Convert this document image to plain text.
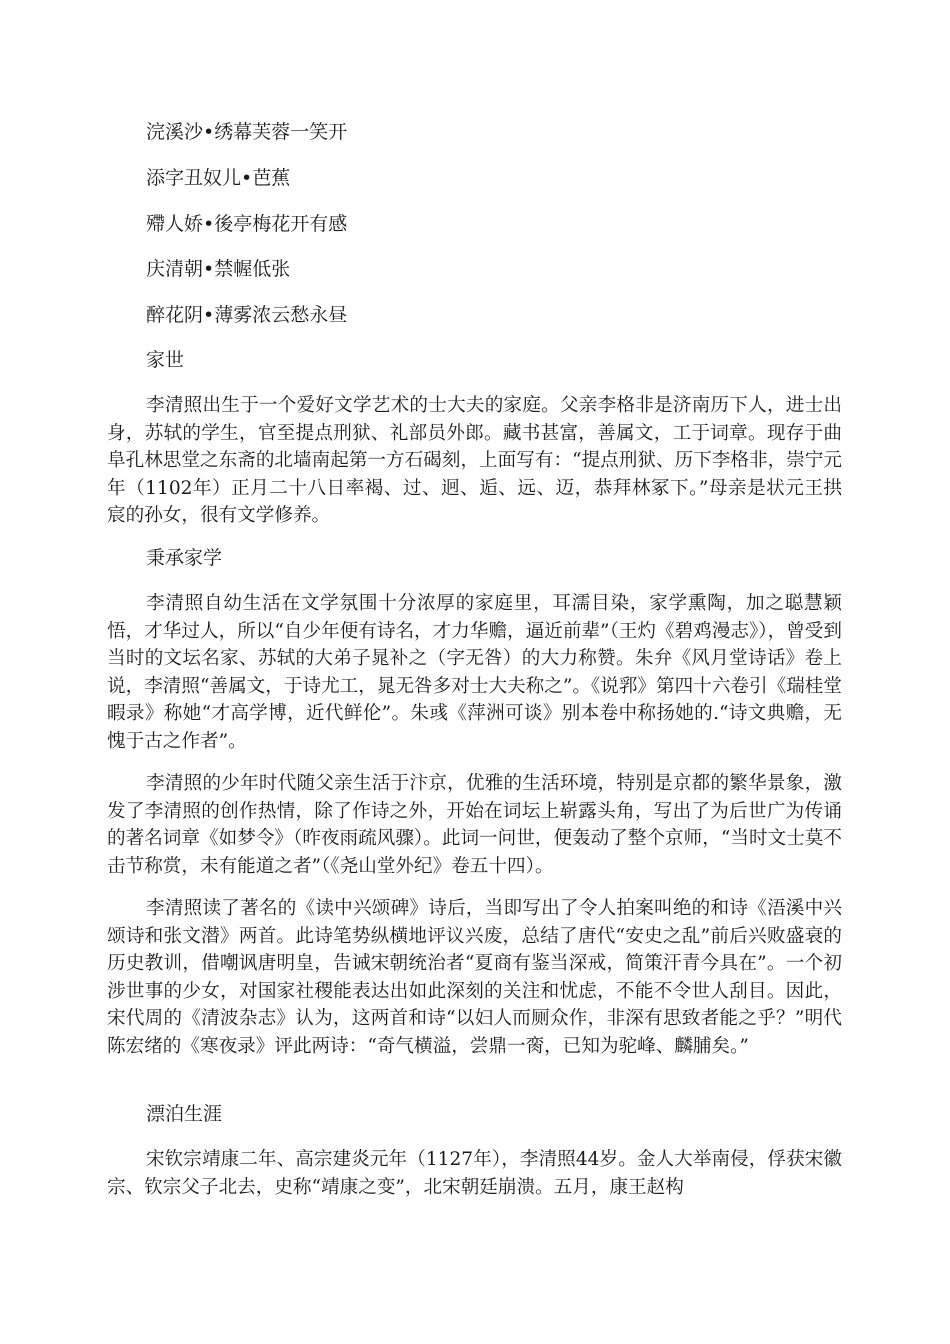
浣溪沙•绣幕芙蓉一笑开

添字丑奴儿•芭蕉

殢人娇•後亭梅花开有感

庆清朝•禁幄低张

醉花阴•薄雾浓云愁永昼

家世

李清照出生于一个爱好文学艺术的士大夫的家庭。父亲李格非是济南历下人，进士出身，苏轼的学生，官至提点刑狱、礼部员外郎。藏书甚富，善属文，工于词章。现存于曲阜孔林思堂之东斋的北墙南起第一方石碣刻，上面写有：“提点刑狱、历下李格非，崇宁元年（1102年）正月二十八日率褐、过、迥、逅、远、迈，恭拜林冢下。”母亲是状元王拱宸的孙女，很有文学修养。

秉承家学

李清照自幼生活在文学氛围十分浓厚的家庭里，耳濡目染，家学熏陶，加之聪慧颖悟，才华过人，所以“自少年便有诗名，才力华赡，逼近前辈”（王灼《碧鸡漫志》），曾受到当时的文坛名家、苏轼的大弟子晁补之（字无咎）的大力称赞。朱弁《风月堂诗话》卷上说，李清照“善属文，于诗尤工，晁无咎多对士大夫称之”。《说郛》第四十六卷引《瑞桂堂暇录》称她“才高学博，近代鲜伦”。朱彧《萍洲可谈》别本卷中称扬她的.“诗文典赡，无愧于古之作者”。

李清照的少年时代随父亲生活于汴京，优雅的生活环境，特别是京都的繁华景象，激发了李清照的创作热情，除了作诗之外，开始在词坛上崭露头角，写出了为后世广为传诵的著名词章《如梦令》（昨夜雨疏风骤）。此词一问世，便轰动了整个京师，“当时文士莫不击节称赏，未有能道之者”（《尧山堂外纪》卷五十四）。

李清照读了著名的《读中兴颂碑》诗后，当即写出了令人拍案叫绝的和诗《浯溪中兴颂诗和张文潜》两首。此诗笔势纵横地评议兴废，总结了唐代“安史之乱”前后兴败盛衰的历史教训，借嘲讽唐明皇，告诫宋朝统治者“夏商有鉴当深戒，简策汗青今具在”。一个初涉世事的少女，对国家社稷能表达出如此深刻的关注和忧虑，不能不令世人刮目。因此，宋代周的《清波杂志》认为，这两首和诗“以妇人而厕众作，非深有思致者能之乎？”明代陈宏绪的《寒夜录》评此两诗：“奇气横溢，尝鼎一脔，已知为驼峰、麟脯矣。”

漂泊生涯

宋钦宗靖康二年、高宗建炎元年（1127年），李清照44岁。金人大举南侵，俘获宋徽宗、钦宗父子北去，史称“靖康之变”，北宋朝廷崩溃。五月，康王赵构
